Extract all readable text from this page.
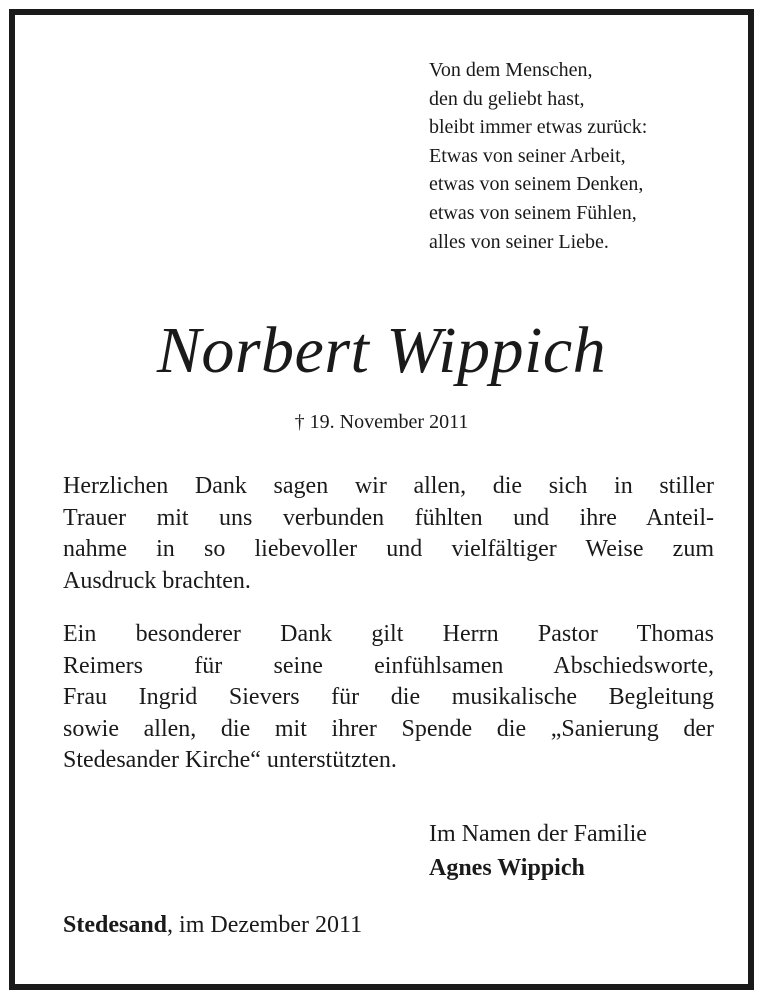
Von dem Menschen,
den du geliebt hast,
bleibt immer etwas zurück:
Etwas von seiner Arbeit,
etwas von seinem Denken,
etwas von seinem Fühlen,
alles von seiner Liebe.
Norbert Wippich
† 19. November 2011
Herzlichen Dank sagen wir allen, die sich in stiller
Trauer mit uns verbunden fühlten und ihre Anteil-
nahme in so liebevoller und vielfältiger Weise zum
Ausdruck brachten.
Ein besonderer Dank gilt Herrn Pastor Thomas
Reimers für seine einfühlsamen Abschiedsworte,
Frau Ingrid Sievers für die musikalische Begleitung
sowie allen, die mit ihrer Spende die „Sanierung der
Stedesander Kirche“ unterstützten.
Im Namen der Familie
Agnes Wippich
Stedesand, im Dezember 2011
